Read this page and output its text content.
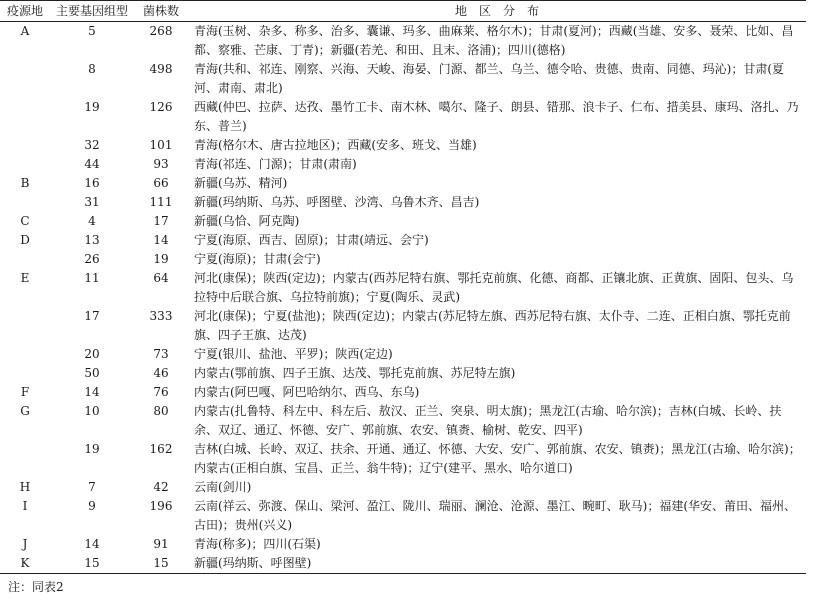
疫源地	主要基因组型	菌株数	地　区　分　布
A	5	268	青海(玉树、杂多、称多、治多、囊谦、玛多、曲麻莱、格尔木)；甘肃(夏河)；西藏(当雄、安多、聂荣、比如、昌都、察雅、芒康、丁青)；新疆(若羌、和田、且末、洛浦)；四川(德格)
	8	498	青海(共和、祁连、刚察、兴海、天峻、海晏、门源、都兰、乌兰、德令哈、贵德、贵南、同德、玛沁)；甘肃(夏河、肃南、肃北)
	19	126	西藏(仲巴、拉萨、达孜、墨竹工卡、南木林、噶尔、隆子、朗县、错那、浪卡子、仁布、措美县、康玛、洛扎、乃东、普兰)
	32	101	青海(格尔木、唐古拉地区)；西藏(安多、班戈、当雄)
	44	93	青海(祁连、门源)；甘肃(肃南)
B	16	66	新疆(乌苏、精河)
	31	111	新疆(玛纳斯、乌苏、呼图壁、沙湾、乌鲁木齐、昌吉)
C	4	17	新疆(乌恰、阿克陶)
D	13	14	宁夏(海原、西吉、固原)；甘肃(靖远、会宁)
	26	19	宁夏(海原)；甘肃(会宁)
E	11	64	河北(康保)；陕西(定边)；内蒙古(西苏尼特右旗、鄂托克前旗、化德、商都、正镶北旗、正黄旗、固阳、包头、乌拉特中后联合旗、乌拉特前旗)；宁夏(陶乐、灵武)
	17	333	河北(康保)；宁夏(盐池)；陕西(定边)；内蒙古(苏尼特左旗、西苏尼特右旗、太仆寺、二连、正相白旗、鄂托克前旗、四子王旗、达茂)
	20	73	宁夏(银川、盐池、平罗)；陕西(定边)
	50	46	内蒙古(鄂前旗、四子王旗、达茂、鄂托克前旗、苏尼特左旗)
F	14	76	内蒙古(阿巴嘎、阿巴哈纳尔、西乌、东乌)
G	10	80	内蒙古(扎鲁特、科左中、科左后、敖汉、正兰、突泉、明太旗)；黑龙江(古瑜、哈尔滨)；吉林(白城、长岭、扶余、双辽、通辽、怀德、安广、郭前旗、农安、镇赉、榆树、乾安、四平)
	19	162	吉林(白城、长岭、双辽、扶余、开通、通辽、怀德、大安、安广、郭前旗、农安、镇赉)；黑龙江(古瑜、哈尔滨)；内蒙古(正相白旗、宝昌、正兰、翁牛特)；辽宁(建平、黑水、哈尔道口)
H	7	42	云南(剑川)
I	9	196	云南(祥云、弥渡、保山、梁河、盈江、陇川、瑞丽、澜沧、沧源、墨江、畹町、耿马)；福建(华安、莆田、福州、古田)；贵州(兴义)
J	14	91	青海(称多)；四川(石渠)
K	15	15	新疆(玛纳斯、呼图壁)
注：同表2
